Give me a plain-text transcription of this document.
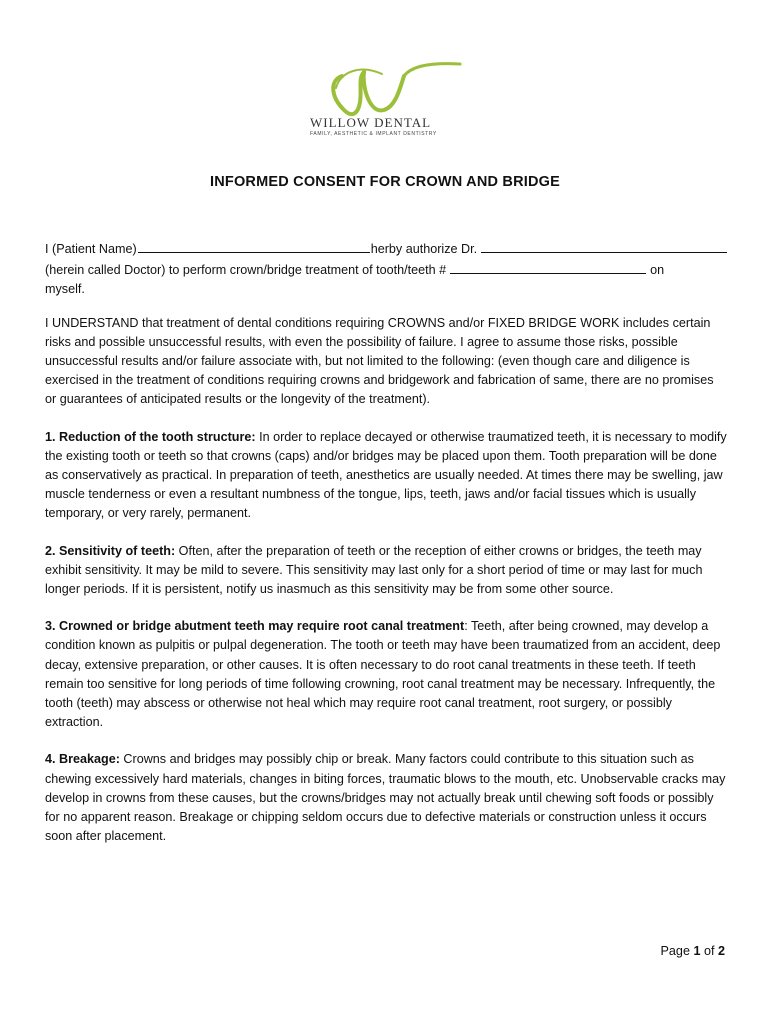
WILLOW DENTAL
FAMILY, AESTHETIC & IMPLANT DENTISTRY
INFORMED CONSENT FOR CROWN AND BRIDGE
I (Patient Name)	herby authorize Dr.
(herein called Doctor) to perform crown/bridge treatment of tooth/teeth #	on
myself.

I UNDERSTAND that treatment of dental conditions requiring CROWNS and/or FIXED BRIDGE WORK includes certain risks and possible unsuccessful results, with even the possibility of failure. I agree to assume those risks, possible unsuccessful results and/or failure associate with, but not limited to the following: (even though care and diligence is exercised in the treatment of conditions requiring crowns and bridgework and fabrication of same, there are no promises or guarantees of anticipated results or the longevity of the treatment).

1. Reduction of the tooth structure: In order to replace decayed or otherwise traumatized teeth, it is necessary to modify the existing tooth or teeth so that crowns (caps) and/or bridges may be placed upon them. Tooth preparation will be done as conservatively as practical. In preparation of teeth, anesthetics are usually needed. At times there may be swelling, jaw muscle tenderness or even a resultant numbness of the tongue, lips, teeth, jaws and/or facial tissues which is usually temporary, or very rarely, permanent.

2. Sensitivity of teeth: Often, after the preparation of teeth or the reception of either crowns or bridges, the teeth may exhibit sensitivity. It may be mild to severe. This sensitivity may last only for a short period of time or may last for much longer periods. If it is persistent, notify us inasmuch as this sensitivity may be from some other source.

3. Crowned or bridge abutment teeth may require root canal treatment: Teeth, after being crowned, may develop a condition known as pulpitis or pulpal degeneration. The tooth or teeth may have been traumatized from an accident, deep decay, extensive preparation, or other causes. It is often necessary to do root canal treatments in these teeth. If teeth remain too sensitive for long periods of time following crowning, root canal treatment may be necessary. Infrequently, the tooth (teeth) may abscess or otherwise not heal which may require root canal treatment, root surgery, or possibly extraction.

4. Breakage: Crowns and bridges may possibly chip or break. Many factors could contribute to this situation such as chewing excessively hard materials, changes in biting forces, traumatic blows to the mouth, etc. Unobservable cracks may develop in crowns from these causes, but the crowns/bridges may not actually break until chewing soft foods or possibly for no apparent reason. Breakage or chipping seldom occurs due to defective materials or construction unless it occurs soon after placement.

Page 1 of 2
